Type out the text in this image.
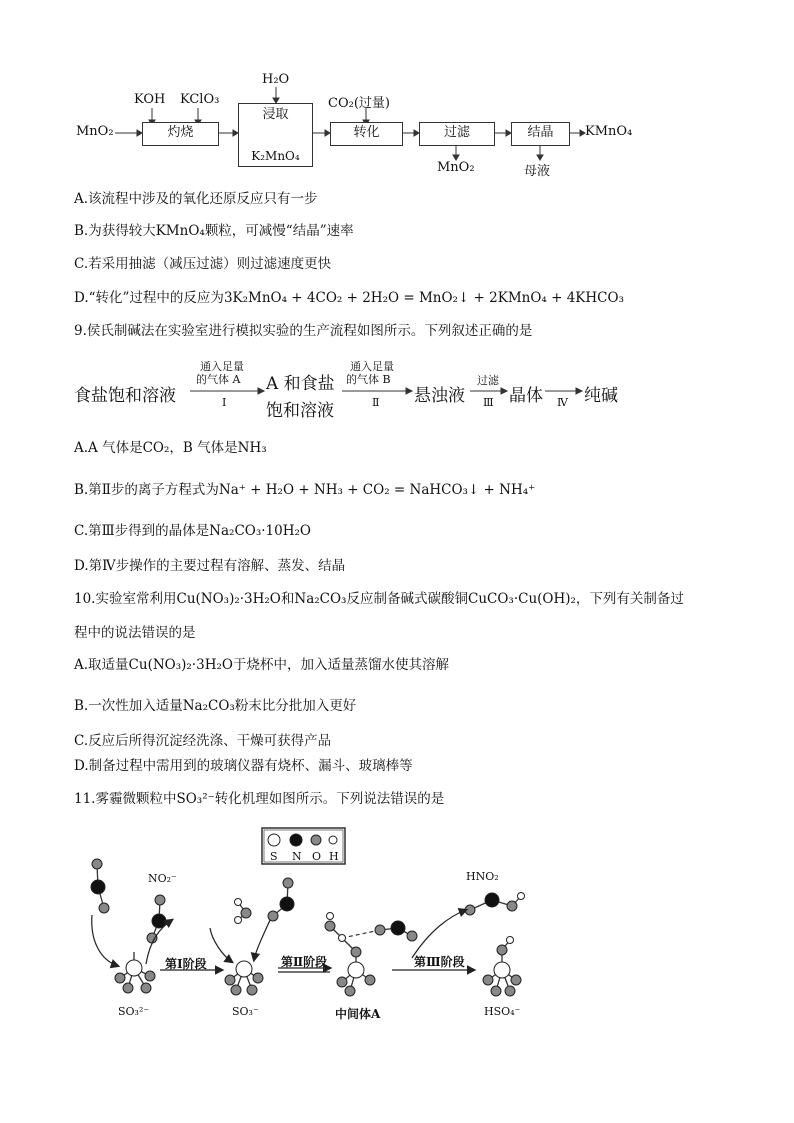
MnO₂
KOH KClO₃
灼烧
H₂O
浸取
K₂MnO₄
CO₂(过量)
转化	过滤	结晶	KMnO₄
MnO₂	母液
A.该流程中涉及的氧化还原反应只有一步
B.为获得较大KMnO₄颗粒，可减慢“结晶”速率
C.若采用抽滤（减压过滤）则过滤速度更快
D.“转化”过程中的反应为3K₂MnO₄ + 4CO₂ + 2H₂O = MnO₂↓ + 2KMnO₄ + 4KHCO₃
9.侯氏制碱法在实验室进行模拟实验的生产流程如图所示。下列叙述正确的是
食盐饱和溶液
通入足量
的气体 A
Ⅰ
A 和食盐
饱和溶液
通入足量
的气体 B
Ⅱ 悬浊液
过滤
Ⅲ 晶体 Ⅳ 纯碱
A.A 气体是CO₂，B 气体是NH₃
B.第Ⅱ步的离子方程式为Na⁺ + H₂O + NH₃ + CO₂ = NaHCO₃↓ + NH₄⁺
C.第Ⅲ步得到的晶体是Na₂CO₃·10H₂O
D.第Ⅳ步操作的主要过程有溶解、蒸发、结晶
10.实验室常利用Cu(NO₃)₂·3H₂O和Na₂CO₃反应制备碱式碳酸铜CuCO₃·Cu(OH)₂，下列有关制备过
程中的说法错误的是
A.取适量Cu(NO₃)₂·3H₂O于烧杯中，加入适量蒸馏水使其溶解
B.一次性加入适量Na₂CO₃粉末比分批加入更好
C.反应后所得沉淀经洗涤、干燥可获得产品
D.制备过程中需用到的玻璃仪器有烧杯、漏斗、玻璃棒等
11.雾霾微颗粒中SO₃²⁻转化机理如图所示。下列说法错误的是
S N O H
NO₂⁻	HNO₂
第Ⅰ阶段	第Ⅱ阶段	第Ⅲ阶段
SO₃²⁻	SO₃⁻	中间体A	HSO₄⁻
